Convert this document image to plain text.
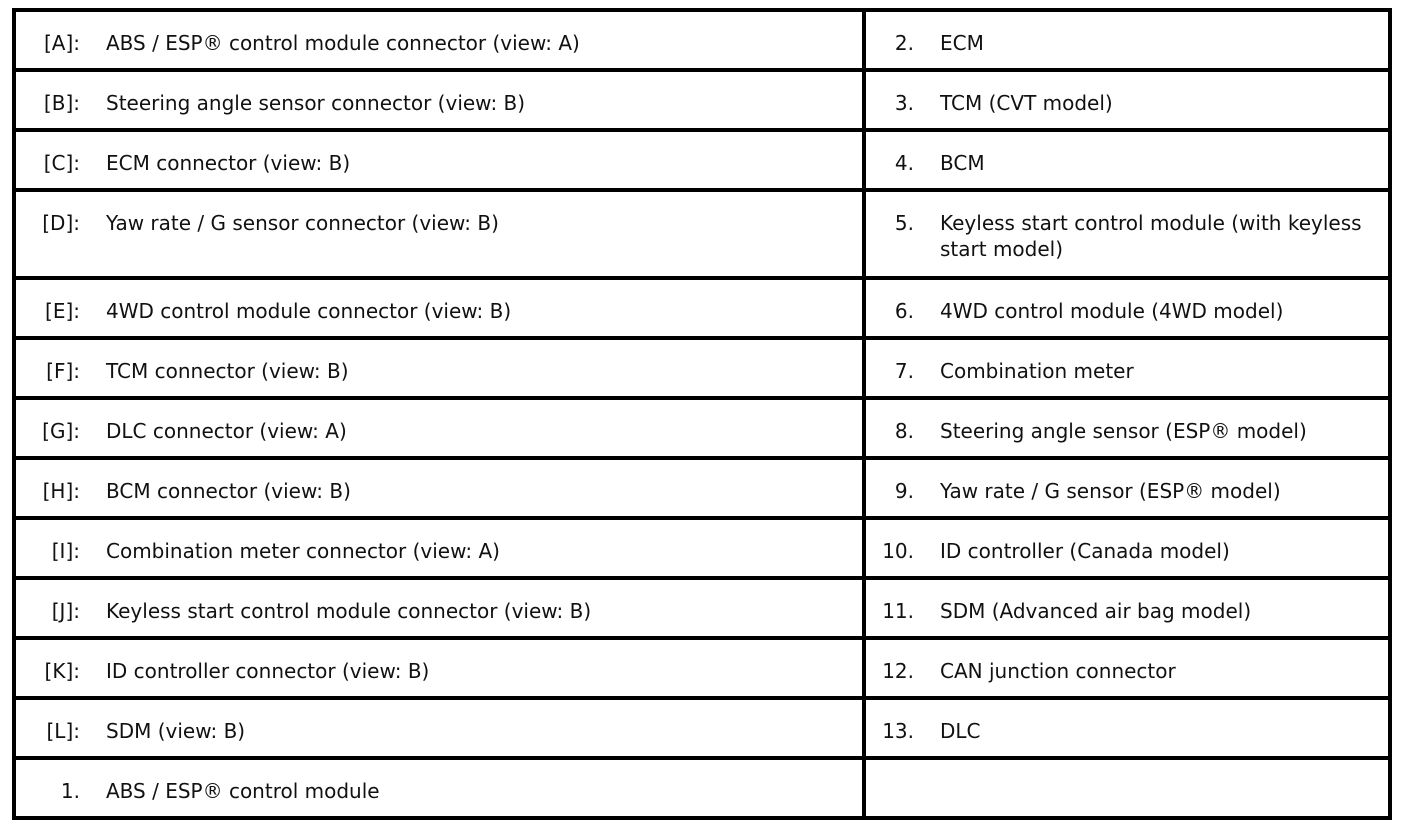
[A]: ABS / ESP® control module connector (view: A)	2. ECM

[B]: Steering angle sensor connector (view: B)	3. TCM (CVT model)

[C]: ECM connector (view: B)	4. BCM

[D]: Yaw rate / G sensor connector (view: B)	5. Keyless start control module (with keyless start model)

[E]: 4WD control module connector (view: B)	6. 4WD control module (4WD model)

[F]: TCM connector (view: B)	7. Combination meter

[G]: DLC connector (view: A)	8. Steering angle sensor (ESP® model)

[H]: BCM connector (view: B)	9. Yaw rate / G sensor (ESP® model)

[I]: Combination meter connector (view: A)	10. ID controller (Canada model)

[J]: Keyless start control module connector (view: B)	11. SDM (Advanced air bag model)

[K]: ID controller connector (view: B)	12. CAN junction connector

[L]: SDM (view: B)	13. DLC

1. ABS / ESP® control module	
